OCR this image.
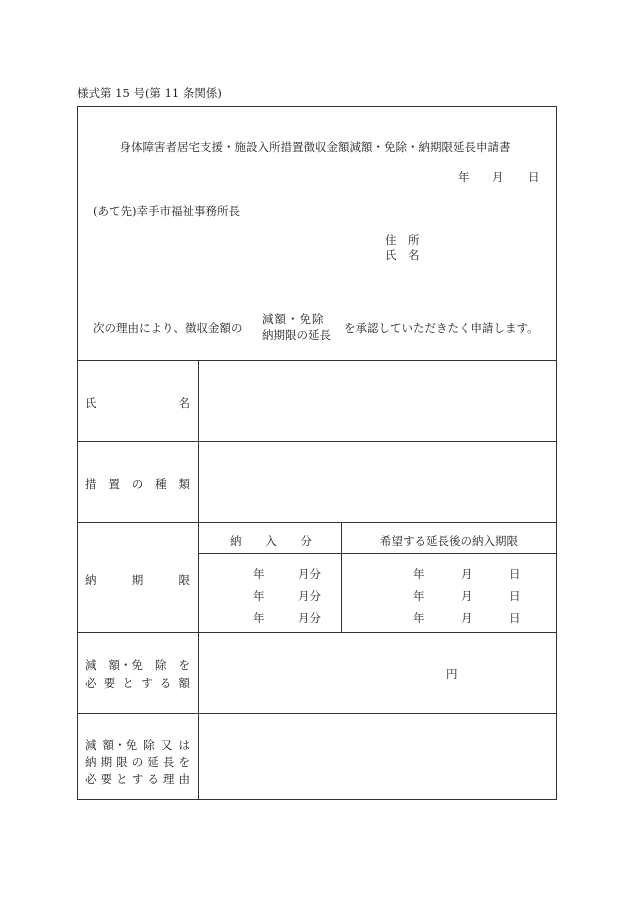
様式第 15 号(第 11 条関係)
身体障害者居宅支援・施設入所措置徴収金額減額・免除・納期限延長申請書
年 月 日
(あて先)幸手市福祉事務所長
住　所
氏　名
次の理由により、徴収金額の
減額・免除
納期限の延長 を承認していただきたく申請します。
氏	名
措 置 の 種 類
納	期	限
納 入 分	希望する延長後の納入期限
年	月分	年	月	日
年	月分	年	月	日
年	月分	年	月	日
減 額・免 除 を
必 要 と す る 額
円
減 額・免 除 又 は
納 期 限 の 延 長 を
必 要 と す る 理 由
